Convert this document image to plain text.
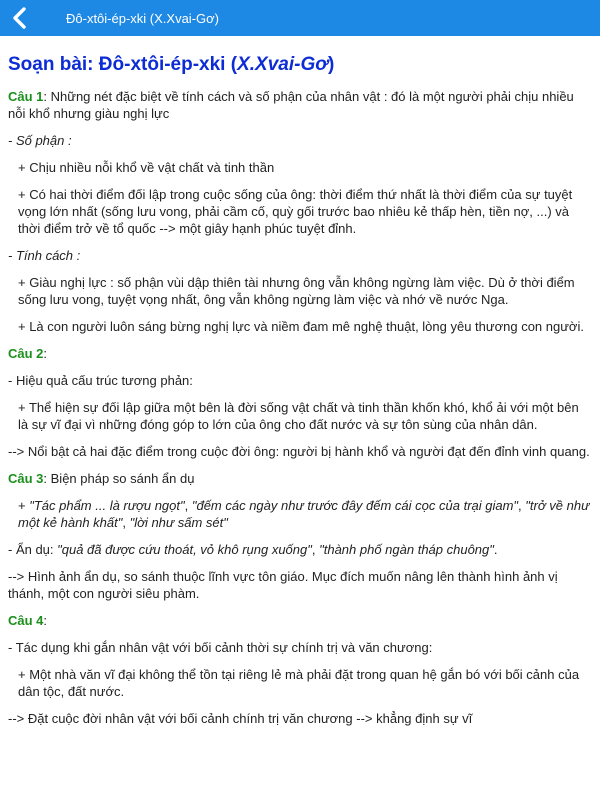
Đô-xtôi-ép-xki (X.Xvai-Gơ)
Soạn bài: Đô-xtôi-ép-xki (X.Xvai-Gơ)

Câu 1: Những nét đặc biệt về tính cách và số phận của nhân vật : đó là một người phải chịu nhiều nỗi khổ nhưng giàu nghị lực

- Số phận :

+ Chịu nhiều nỗi khổ về vật chất và tinh thần

+ Có hai thời điểm đối lập trong cuộc sống của ông: thời điểm thứ nhất là thời điểm của sự tuyệt vọng lớn nhất (sống lưu vong, phải cầm cố, quỳ gối trước bao nhiêu kẻ thấp hèn, tiền nợ, ...) và thời điểm trở về tổ quốc --> một giây hạnh phúc tuyệt đỉnh.

- Tính cách :

+ Giàu nghị lực : số phận vùi dập thiên tài nhưng ông vẫn không ngừng làm việc. Dù ở thời điểm sống lưu vong, tuyệt vọng nhất, ông vẫn không ngừng làm việc và nhớ về nước Nga.

+ Là con người luôn sáng bừng nghị lực và niềm đam mê nghệ thuật, lòng yêu thương con người.

Câu 2:

- Hiệu quả cấu trúc tương phản:

+ Thể hiện sự đối lập giữa một bên là đời sống vật chất và tinh thần khốn khó, khổ ải với một bên là sự vĩ đại vì những đóng góp to lớn của ông cho đất nước và sự tôn sùng của nhân dân.

--> Nổi bật cả hai đặc điểm trong cuộc đời ông: người bị hành khổ và người đạt đến đỉnh vinh quang.

Câu 3: Biện pháp so sánh ẩn dụ

+ "Tác phẩm ... là rượu ngọt", "đếm các ngày như trước đây đếm cái cọc của trại giam", "trở về như một kẻ hành khất", "lời như sấm sét"

- Ẩn dụ: "quả đã được cứu thoát, vỏ khô rụng xuống", "thành phố ngàn tháp chuông".

--> Hình ảnh ẩn dụ, so sánh thuộc lĩnh vực tôn giáo. Mục đích muốn nâng lên thành hình ảnh vị thánh, một con người siêu phàm.

Câu 4:

- Tác dụng khi gắn nhân vật với bối cảnh thời sự chính trị và văn chương:

+ Một nhà văn vĩ đại không thể tồn tại riêng lẻ mà phải đặt trong quan hệ gắn bó với bối cảnh của dân tộc, đất nước.

--> Đặt cuộc đời nhân vật với bối cảnh chính trị văn chương --> khẳng định sự vĩ
